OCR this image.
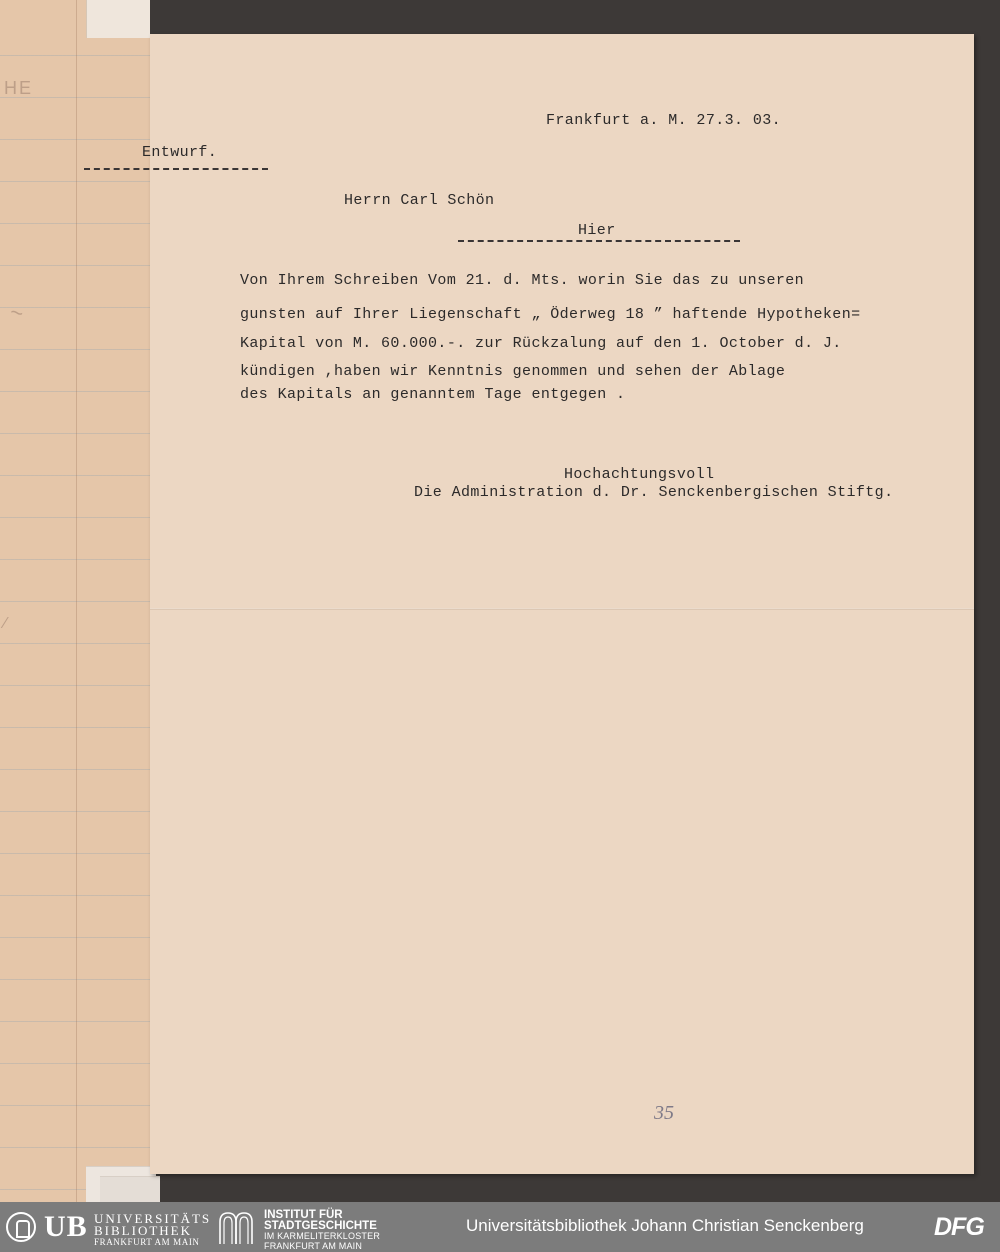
HE
~
⁄
Frankfurt a. M. 27.3. 03.
Entwurf.
Herrn Carl Schön
Hier
Von Ihrem Schreiben Vom 21. d. Mts. worin Sie das zu unseren
gunsten auf Ihrer Liegenschaft „ Öderweg 18 ” haftende Hypotheken=
Kapital von M. 60.000.-. zur Rückzalung auf den 1. October d. J.
kündigen ,haben wir Kenntnis genommen und sehen der Ablage
des Kapitals an genanntem Tage entgegen .
Hochachtungsvoll
Die Administration d. Dr. Senckenbergischen Stiftg.
35
UB UNIVERSITÄTS
BIBLIOTHEK
FRANKFURT AM MAIN
INSTITUT FÜR
STADTGESCHICHTE
IM KARMELITERKLOSTER
FRANKFURT AM MAIN
Universitätsbibliothek Johann Christian Senckenberg	DFG
